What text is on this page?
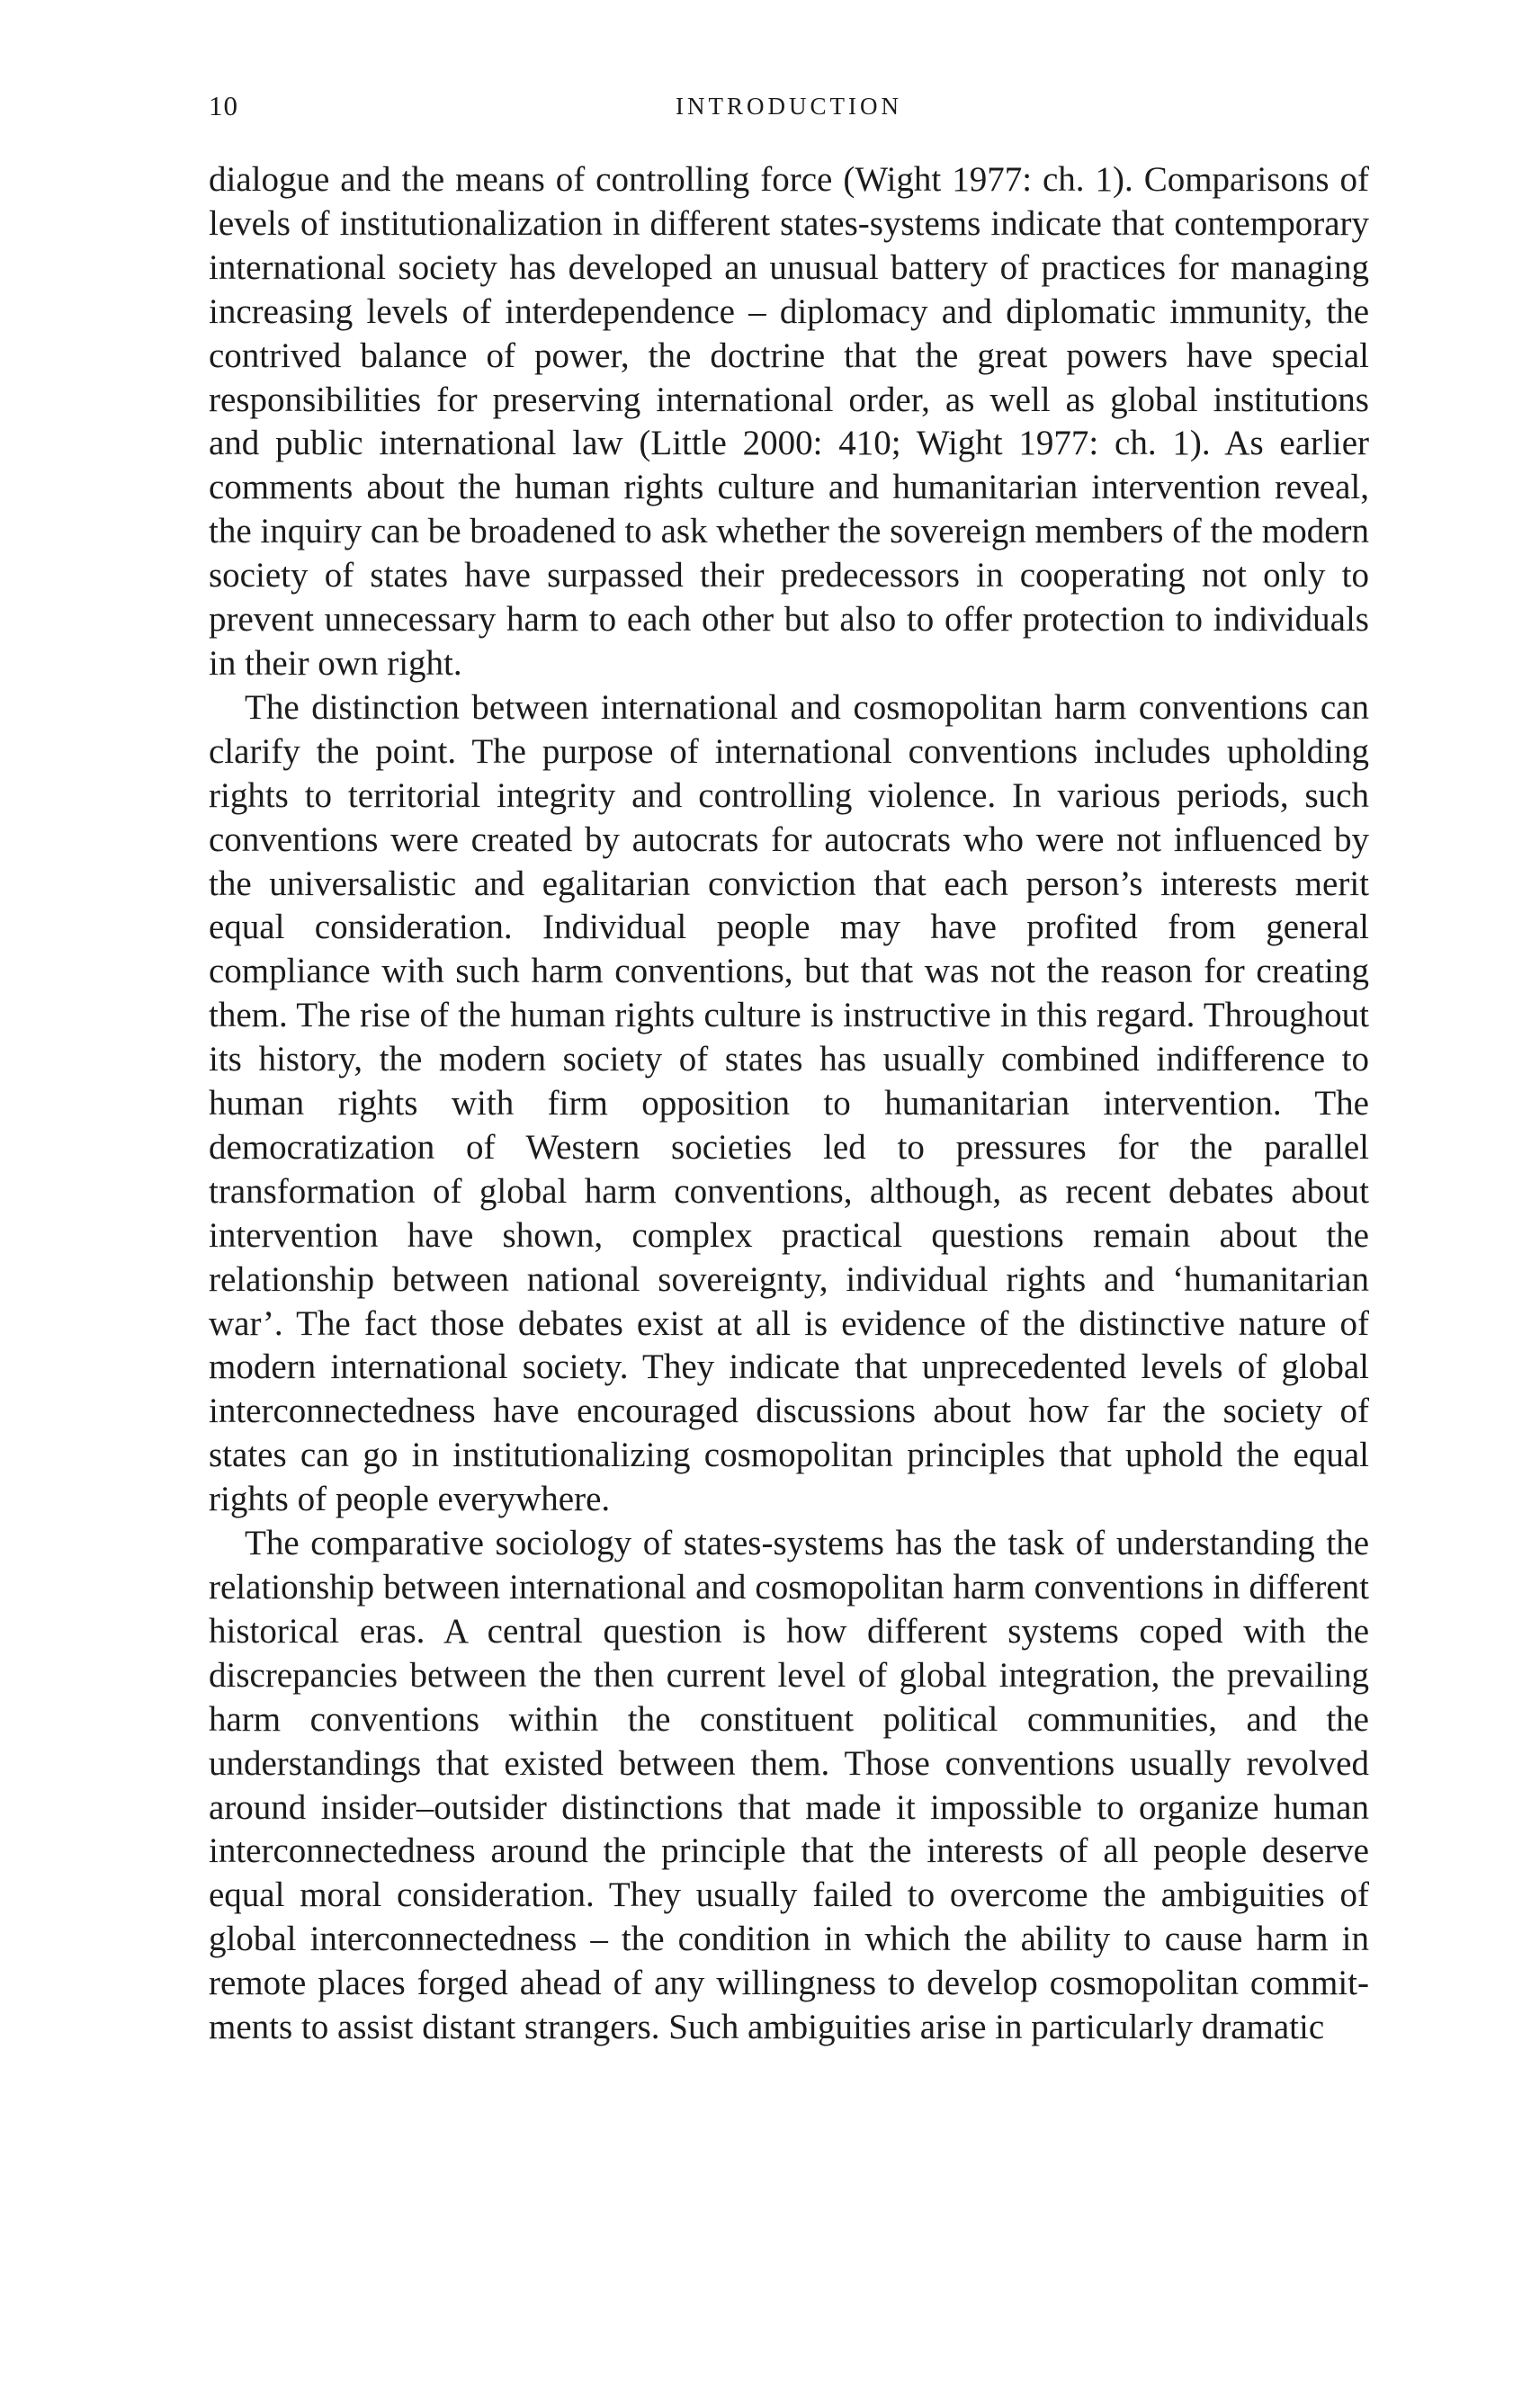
10	INTRODUCTION

dialogue and the means of controlling force (Wight 1977: ch. 1). Comparisons of levels of institutionalization in different states-systems indicate that contemporary international society has developed an unusual battery of practices for managing increasing levels of interdependence – diplomacy and diplomatic immunity, the contrived balance of power, the doctrine that the great powers have special responsibilities for preserving international order, as well as global institutions and public international law (Little 2000: 410; Wight 1977: ch. 1). As earlier comments about the human rights culture and humanitarian intervention reveal, the inquiry can be broadened to ask whether the sovereign members of the modern society of states have surpassed their predecessors in cooperating not only to prevent unnecessary harm to each other but also to offer protection to individuals in their own right.

The distinction between international and cosmopolitan harm conventions can clarify the point. The purpose of international conventions includes upholding rights to territorial integrity and controlling violence. In various periods, such conventions were created by autocrats for autocrats who were not influenced by the universalistic and egalitarian conviction that each person’s interests merit equal consideration. Individual people may have profited from general compliance with such harm conventions, but that was not the reason for creating them. The rise of the human rights culture is instructive in this regard. Throughout its history, the modern society of states has usually combined indifference to human rights with firm opposition to humanitarian intervention. The democratization of Western societies led to pressures for the parallel transformation of global harm conventions, although, as recent debates about intervention have shown, complex practical questions remain about the relationship between national sovereignty, individual rights and ‘humanitarian war’. The fact those debates exist at all is evidence of the distinctive nature of modern international society. They indicate that unprecedented levels of global interconnectedness have encouraged discussions about how far the society of states can go in institutionalizing cosmopolitan principles that uphold the equal rights of people everywhere.

The comparative sociology of states-systems has the task of understanding the relationship between international and cosmopolitan harm conventions in different historical eras. A central question is how different systems coped with the discrepancies between the then current level of global integration, the prevailing harm conventions within the constituent political communities, and the understandings that existed between them. Those conventions usually revolved around insider–outsider distinctions that made it impossible to organize human interconnectedness around the principle that the interests of all people deserve equal moral consideration. They usually failed to overcome the ambiguities of global interconnectedness – the condition in which the ability to cause harm in remote places forged ahead of any willingness to develop cosmopolitan commitments to assist distant strangers. Such ambiguities arise in particularly dramatic
